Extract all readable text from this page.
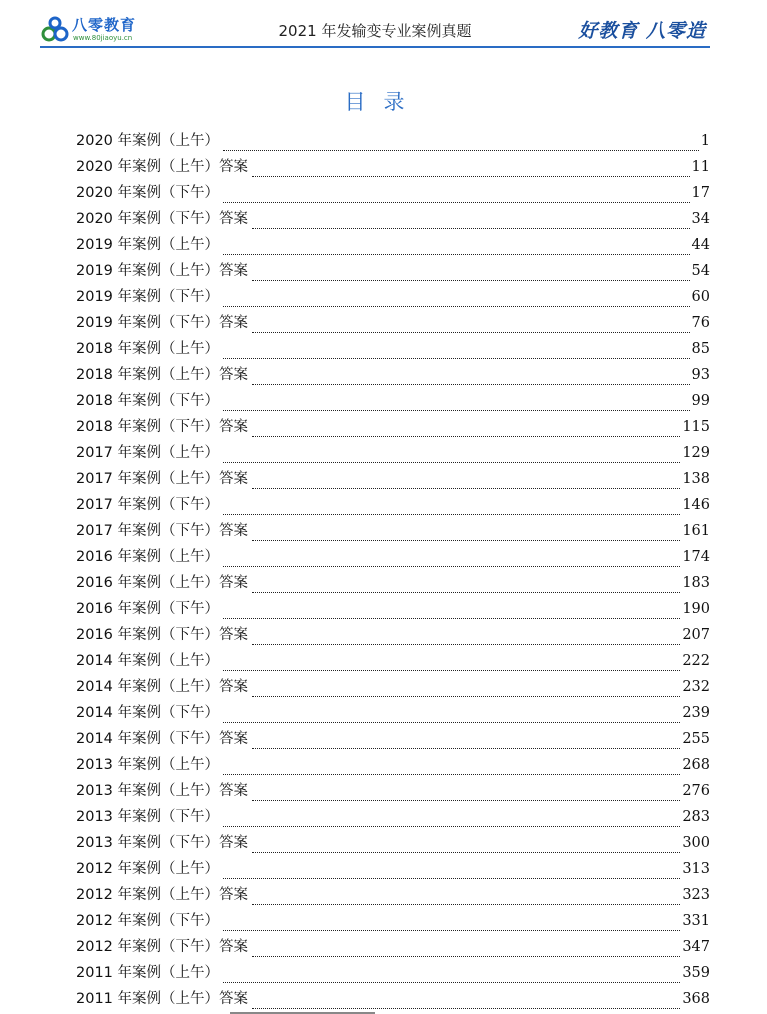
八零教育
www.80jiaoyu.cn	2021 年发输变专业案例真题	好教育 八零造
目录
2020 年案例（上午）	1
2020 年案例（上午）答案	11
2020 年案例（下午）	17
2020 年案例（下午）答案	34
2019 年案例（上午）	44
2019 年案例（上午）答案	54
2019 年案例（下午）	60
2019 年案例（下午）答案	76
2018 年案例（上午）	85
2018 年案例（上午）答案	93
2018 年案例（下午）	99
2018 年案例（下午）答案	115
2017 年案例（上午）	129
2017 年案例（上午）答案	138
2017 年案例（下午）	146
2017 年案例（下午）答案	161
2016 年案例（上午）	174
2016 年案例（上午）答案	183
2016 年案例（下午）	190
2016 年案例（下午）答案	207
2014 年案例（上午）	222
2014 年案例（上午）答案	232
2014 年案例（下午）	239
2014 年案例（下午）答案	255
2013 年案例（上午）	268
2013 年案例（上午）答案	276
2013 年案例（下午）	283
2013 年案例（下午）答案	300
2012 年案例（上午）	313
2012 年案例（上午）答案	323
2012 年案例（下午）	331
2012 年案例（下午）答案	347
2011 年案例（上午）	359
2011 年案例（上午）答案	368
